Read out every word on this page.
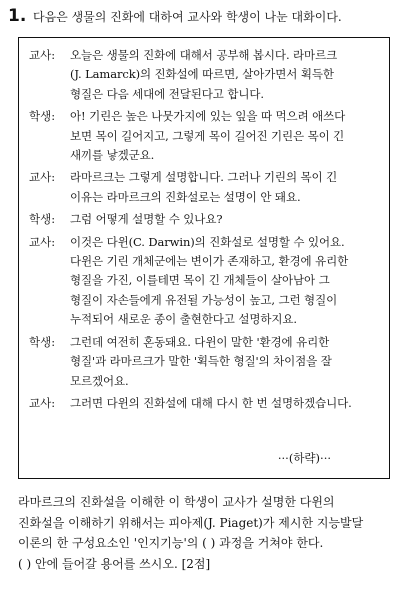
1. 다음은 생물의 진화에 대하여 교사와 학생이 나눈 대화이다.
교사:	오늘은 생물의 진화에 대해서 공부해 봅시다. 라마르크
(J. Lamarck)의 진화설에 따르면, 살아가면서 획득한
형질은 다음 세대에 전달된다고 합니다.
학생:	아! 기린은 높은 나뭇가지에 있는 잎을 따 먹으려 애쓰다
보면 목이 길어지고, 그렇게 목이 길어진 기린은 목이 긴
새끼를 낳겠군요.
교사:	라마르크는 그렇게 설명합니다. 그러나 기린의 목이 긴
이유는 라마르크의 진화설로는 설명이 안 돼요.
학생:	그럼 어떻게 설명할 수 있나요?
교사:	이것은 다윈(C. Darwin)의 진화설로 설명할 수 있어요.
다윈은 기린 개체군에는 변이가 존재하고, 환경에 유리한
형질을 가진, 이를테면 목이 긴 개체들이 살아남아 그
형질이 자손들에게 유전될 가능성이 높고, 그런 형질이
누적되어 새로운 종이 출현한다고 설명하지요.
학생:	그런데 여전히 혼동돼요. 다윈이 말한 '환경에 유리한
형질'과 라마르크가 말한 '획득한 형질'의 차이점을 잘
모르겠어요.
교사:	그러면 다윈의 진화설에 대해 다시 한 번 설명하겠습니다.
···(하략)···
라마르크의 진화설을 이해한 이 학생이 교사가 설명한 다윈의
진화설을 이해하기 위해서는 피아제(J. Piaget)가 제시한 지능발달
이론의 한 구성요소인 '인지기능'의 ( ) 과정을 거쳐야 한다.
( ) 안에 들어갈 용어를 쓰시오. [2점]
